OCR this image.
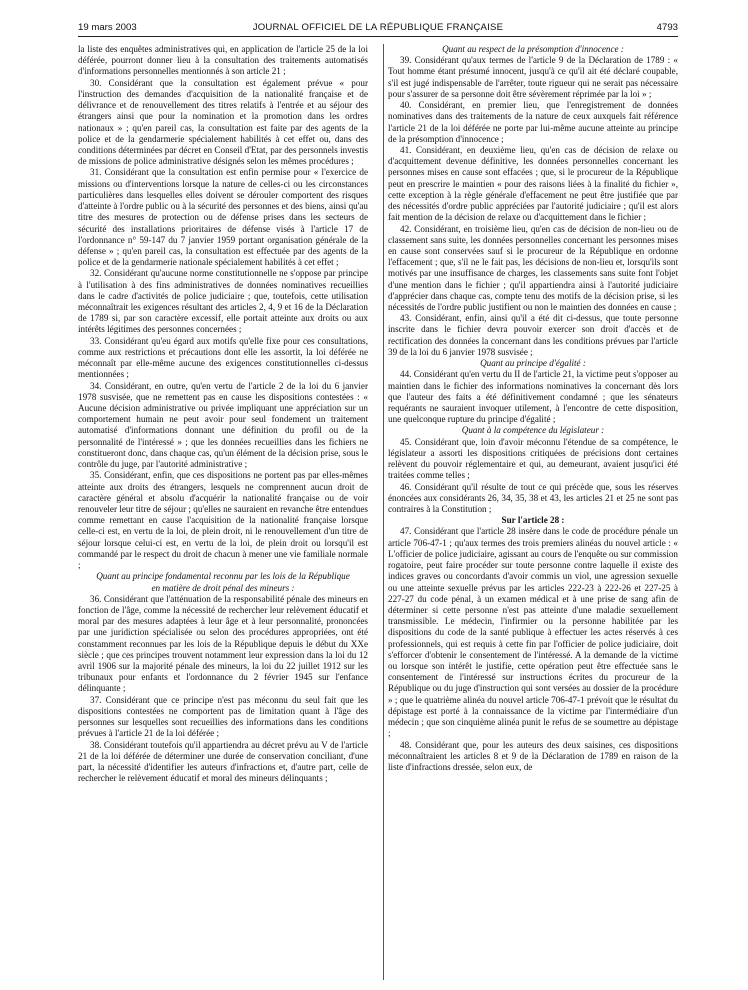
19 mars 2003	JOURNAL OFFICIEL DE LA RÉPUBLIQUE FRANÇAISE	4793

la liste des enquêtes administratives qui, en application de l'article 25 de la loi déférée, pourront donner lieu à la consultation des traitements automatisés d'informations personnelles mentionnés à son article 21 ;

30. Considérant que la consultation est également prévue « pour l'instruction des demandes d'acquisition de la nationalité française et de délivrance et de renouvellement des titres relatifs à l'entrée et au séjour des étrangers ainsi que pour la nomination et la promotion dans les ordres nationaux » ; qu'en pareil cas, la consultation est faite par des agents de la police et de la gendarmerie spécialement habilités à cet effet ou, dans des conditions déterminées par décret en Conseil d'Etat, par des personnels investis de missions de police administrative désignés selon les mêmes procédures ;

31. Considérant que la consultation est enfin permise pour « l'exercice de missions ou d'interventions lorsque la nature de celles-ci ou les circonstances particulières dans lesquelles elles doivent se dérouler comportent des risques d'atteinte à l'ordre public ou à la sécurité des personnes et des biens, ainsi qu'au titre des mesures de protection ou de défense prises dans les secteurs de sécurité des installations prioritaires de défense visés à l'article 17 de l'ordonnance n° 59-147 du 7 janvier 1959 portant organisation générale de la défense » ; qu'en pareil cas, la consultation est effectuée par des agents de la police et de la gendarmerie nationale spécialement habilités à cet effet ;

32. Considérant qu'aucune norme constitutionnelle ne s'oppose par principe à l'utilisation à des fins administratives de données nominatives recueillies dans le cadre d'activités de police judiciaire ; que, toutefois, cette utilisation méconnaîtrait les exigences résultant des articles 2, 4, 9 et 16 de la Déclaration de 1789 si, par son caractère excessif, elle portait atteinte aux droits ou aux intérêts légitimes des personnes concernées ;

33. Considérant qu'eu égard aux motifs qu'elle fixe pour ces consultations, comme aux restrictions et précautions dont elle les assortit, la loi déférée ne méconnaît par elle-même aucune des exigences constitutionnelles ci-dessus mentionnées ;

34. Considérant, en outre, qu'en vertu de l'article 2 de la loi du 6 janvier 1978 susvisée, que ne remettent pas en cause les dispositions contestées : « Aucune décision administrative ou privée impliquant une appréciation sur un comportement humain ne peut avoir pour seul fondement un traitement automatisé d'informations donnant une définition du profil ou de la personnalité de l'intéressé » ; que les données recueillies dans les fichiers ne constitueront donc, dans chaque cas, qu'un élément de la décision prise, sous le contrôle du juge, par l'autorité administrative ;

35. Considérant, enfin, que ces dispositions ne portent pas par elles-mêmes atteinte aux droits des étrangers, lesquels ne comprennent aucun droit de caractère général et absolu d'acquérir la nationalité française ou de voir renouveler leur titre de séjour ; qu'elles ne sauraient en revanche être entendues comme remettant en cause l'acquisition de la nationalité française lorsque celle-ci est, en vertu de la loi, de plein droit, ni le renouvellement d'un titre de séjour lorsque celui-ci est, en vertu de la loi, de plein droit ou lorsqu'il est commandé par le respect du droit de chacun à mener une vie familiale normale ;

Quant au principe fondamental reconnu par les lois de la République en matière de droit pénal des mineurs :

36. Considérant que l'atténuation de la responsabilité pénale des mineurs en fonction de l'âge, comme la nécessité de rechercher leur relèvement éducatif et moral par des mesures adaptées à leur âge et à leur personnalité, prononcées par une juridiction spécialisée ou selon des procédures appropriées, ont été constamment reconnues par les lois de la République depuis le début du XXe siècle ; que ces principes trouvent notamment leur expression dans la loi du 12 avril 1906 sur la majorité pénale des mineurs, la loi du 22 juillet 1912 sur les tribunaux pour enfants et l'ordonnance du 2 février 1945 sur l'enfance délinquante ;

37. Considérant que ce principe n'est pas méconnu du seul fait que les dispositions contestées ne comportent pas de limitation quant à l'âge des personnes sur lesquelles sont recueillies des informations dans les conditions prévues à l'article 21 de la loi déférée ;

38. Considérant toutefois qu'il appartiendra au décret prévu au V de l'article 21 de la loi déférée de déterminer une durée de conservation conciliant, d'une part, la nécessité d'identifier les auteurs d'infractions et, d'autre part, celle de rechercher le relèvement éducatif et moral des mineurs délinquants ;

Quant au respect de la présomption d'innocence :

39. Considérant qu'aux termes de l'article 9 de la Déclaration de 1789 : « Tout homme étant présumé innocent, jusqu'à ce qu'il ait été déclaré coupable, s'il est jugé indispensable de l'arrêter, toute rigueur qui ne serait pas nécessaire pour s'assurer de sa personne doit être sévèrement réprimée par la loi » ;

40. Considérant, en premier lieu, que l'enregistrement de données nominatives dans des traitements de la nature de ceux auxquels fait référence l'article 21 de la loi déférée ne porte par lui-même aucune atteinte au principe de la présomption d'innocence ;

41. Considérant, en deuxième lieu, qu'en cas de décision de relaxe ou d'acquittement devenue définitive, les données personnelles concernant les personnes mises en cause sont effacées ; que, si le procureur de la République peut en prescrire le maintien « pour des raisons liées à la finalité du fichier », cette exception à la règle générale d'effacement ne peut être justifiée que par des nécessités d'ordre public appréciées par l'autorité judiciaire ; qu'il est alors fait mention de la décision de relaxe ou d'acquittement dans le fichier ;

42. Considérant, en troisième lieu, qu'en cas de décision de non-lieu ou de classement sans suite, les données personnelles concernant les personnes mises en cause sont conservées sauf si le procureur de la République en ordonne l'effacement ; que, s'il ne le fait pas, les décisions de non-lieu et, lorsqu'ils sont motivés par une insuffisance de charges, les classements sans suite font l'objet d'une mention dans le fichier ; qu'il appartiendra ainsi à l'autorité judiciaire d'apprécier dans chaque cas, compte tenu des motifs de la décision prise, si les nécessités de l'ordre public justifient ou non le maintien des données en cause ;

43. Considérant, enfin, ainsi qu'il a été dit ci-dessus, que toute personne inscrite dans le fichier devra pouvoir exercer son droit d'accès et de rectification des données la concernant dans les conditions prévues par l'article 39 de la loi du 6 janvier 1978 susvisée ;

Quant au principe d'égalité :

44. Considérant qu'en vertu du II de l'article 21, la victime peut s'opposer au maintien dans le fichier des informations nominatives la concernant dès lors que l'auteur des faits a été définitivement condamné ; que les sénateurs requérants ne sauraient invoquer utilement, à l'encontre de cette disposition, une quelconque rupture du principe d'égalité ;

Quant à la compétence du législateur :

45. Considérant que, loin d'avoir méconnu l'étendue de sa compétence, le législateur a assorti les dispositions critiquées de précisions dont certaines relèvent du pouvoir réglementaire et qui, au demeurant, avaient jusqu'ici été traitées comme telles ;

46. Considérant qu'il résulte de tout ce qui précède que, sous les réserves énoncées aux considérants 26, 34, 35, 38 et 43, les articles 21 et 25 ne sont pas contraires à la Constitution ;

Sur l'article 28 :

47. Considérant que l'article 28 insère dans le code de procédure pénale un article 706-47-1 ; qu'aux termes des trois premiers alinéas du nouvel article : « L'officier de police judiciaire, agissant au cours de l'enquête ou sur commission rogatoire, peut faire procéder sur toute personne contre laquelle il existe des indices graves ou concordants d'avoir commis un viol, une agression sexuelle ou une atteinte sexuelle prévus par les articles 222-23 à 222-26 et 227-25 à 227-27 du code pénal, à un examen médical et à une prise de sang afin de déterminer si cette personne n'est pas atteinte d'une maladie sexuellement transmissible. Le médecin, l'infirmier ou la personne habilitée par les dispositions du code de la santé publique à effectuer les actes réservés à ces professionnels, qui est requis à cette fin par l'officier de police judiciaire, doit s'efforcer d'obtenir le consentement de l'intéressé. A la demande de la victime ou lorsque son intérêt le justifie, cette opération peut être effectuée sans le consentement de l'intéressé sur instructions écrites du procureur de la République ou du juge d'instruction qui sont versées au dossier de la procédure » ; que le quatrième alinéa du nouvel article 706-47-1 prévoit que le résultat du dépistage est porté à la connaissance de la victime par l'intermédiaire d'un médecin ; que son cinquième alinéa punit le refus de se soumettre au dépistage ;

48. Considérant que, pour les auteurs des deux saisines, ces dispositions méconnaîtraient les articles 8 et 9 de la Déclaration de 1789 en raison de la liste d'infractions dressée, selon eux, de
